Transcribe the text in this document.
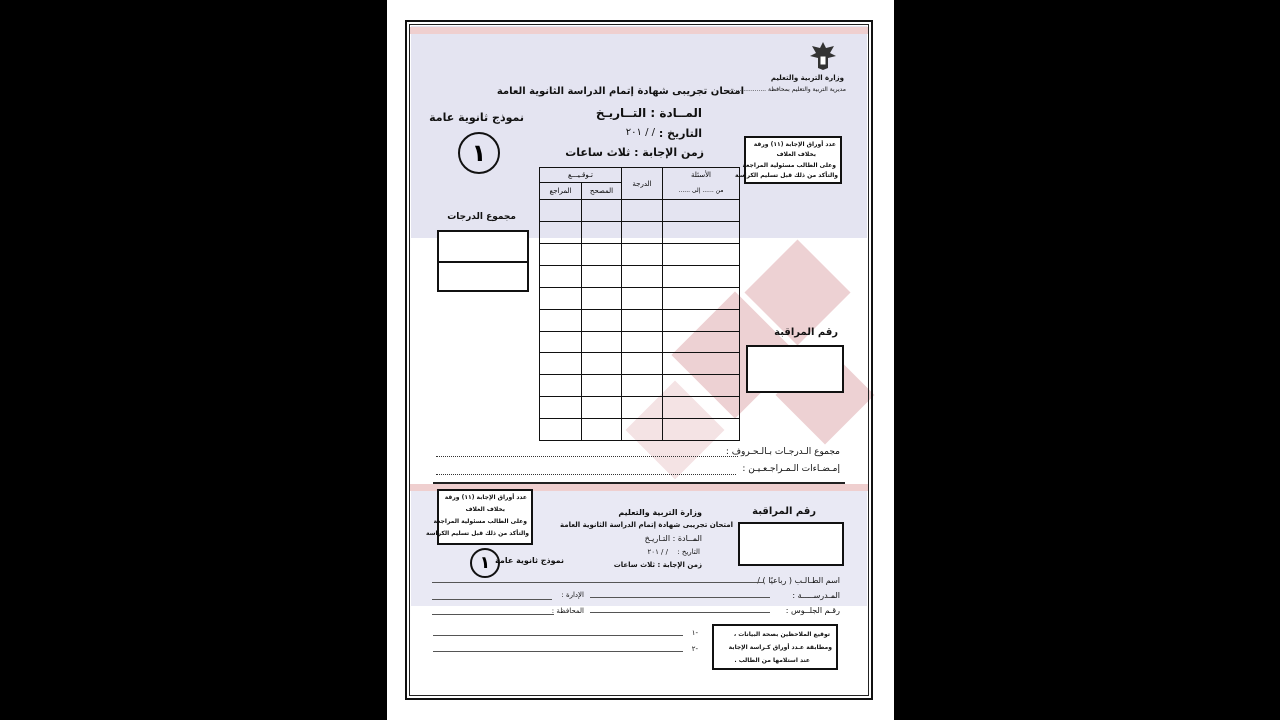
وزارة التربية والتعليم
مديرية التربية والتعليم بمحافظة ....................
امتحان تجريبى شهادة إتمام الدراسة الثانوية العامة
المــادة : التــاريـخ
التاريخ :
/ / ٢٠١
زمن الإجابة : ثلاث ساعات
نموذج ثانوية عامة
١	عدد أوراق الإجابة (١١) ورقة
بخلاف الغلاف
وعلى الطالب مسئولية المراجعة
والتأكد من ذلك قبل تسليم الكراسة
تـوقـيـــع		الدرجة	الأسئلة
المراجع	المصحح		من ...... إلى ......

مجموع الدرجات
رقم المراقبة
مجموع الـدرجـات بـالـحـروف :
إمـضـاءات الـمـراجـعـيـن :
رقم المراقبة
وزارة التربية والتعليم
امتحان تجريبى شهادة إتمام الدراسة الثانوية العامة
المــادة : التـاريـخ
التاريخ :
/ / ٢٠١
زمن الإجابة : ثلاث ساعات
عدد أوراق الإجابة (١١) ورقة
بخلاف الغلاف
وعلى الطالب مسئولية المراجعة
والتأكد من ذلك قبل تسليم الكراسة
١ نموذج ثانوية عامة
اسم الطـالـب ( رباعيًا ) /
المـدرســـــة :
الإدارة :
رقـم الجلــوس :
المحافظة :
توقيع الملاحظين بصحة البيانات ،
ومطابقة عـدد أوراق كـراسة الإجابة
عند استلامها من الطالب .
-١
-٢
